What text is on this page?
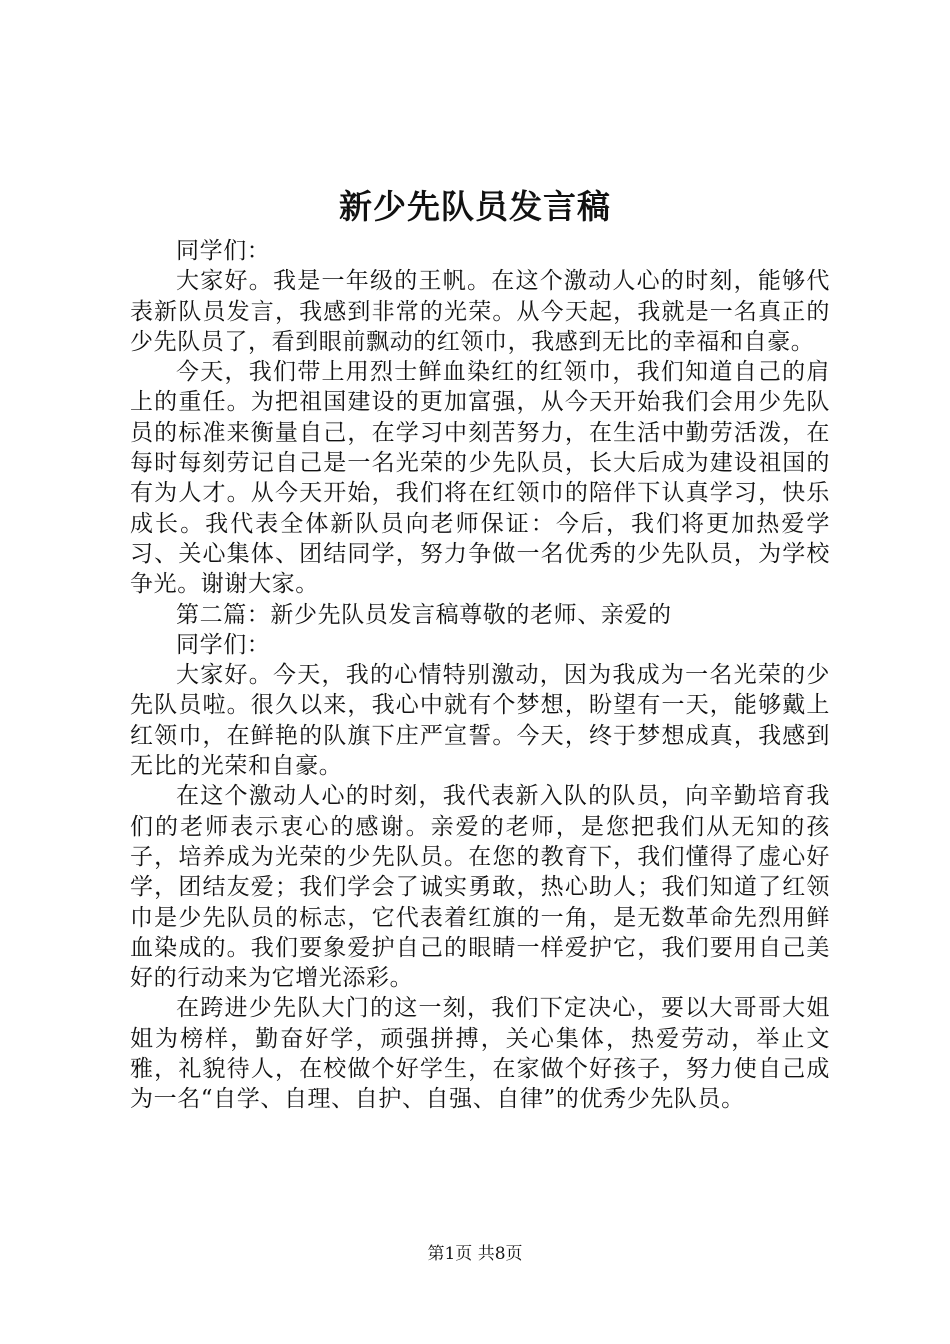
新少先队员发言稿

同学们：

大家好。我是一年级的王帆。在这个激动人心的时刻，能够代表新队员发言，我感到非常的光荣。从今天起，我就是一名真正的少先队员了，看到眼前飘动的红领巾，我感到无比的幸福和自豪。

今天，我们带上用烈士鲜血染红的红领巾，我们知道自己的肩上的重任。为把祖国建设的更加富强，从今天开始我们会用少先队员的标准来衡量自己，在学习中刻苦努力，在生活中勤劳活泼，在每时每刻劳记自己是一名光荣的少先队员，长大后成为建设祖国的有为人才。从今天开始，我们将在红领巾的陪伴下认真学习，快乐成长。我代表全体新队员向老师保证：今后，我们将更加热爱学习、关心集体、团结同学，努力争做一名优秀的少先队员，为学校争光。谢谢大家。

第二篇：新少先队员发言稿尊敬的老师、亲爱的

同学们：

大家好。今天，我的心情特别激动，因为我成为一名光荣的少先队员啦。很久以来，我心中就有个梦想，盼望有一天，能够戴上红领巾，在鲜艳的队旗下庄严宣誓。今天，终于梦想成真，我感到无比的光荣和自豪。

在这个激动人心的时刻，我代表新入队的队员，向辛勤培育我们的老师表示衷心的感谢。亲爱的老师，是您把我们从无知的孩子，培养成为光荣的少先队员。在您的教育下，我们懂得了虚心好学，团结友爱；我们学会了诚实勇敢，热心助人；我们知道了红领巾是少先队员的标志，它代表着红旗的一角，是无数革命先烈用鲜血染成的。我们要象爱护自己的眼睛一样爱护它，我们要用自己美好的行动来为它增光添彩。

在跨进少先队大门的这一刻，我们下定决心，要以大哥哥大姐姐为榜样，勤奋好学，顽强拼搏，关心集体，热爱劳动，举止文雅，礼貌待人，在校做个好学生，在家做个好孩子，努力使自己成为一名“自学、自理、自护、自强、自律”的优秀少先队员。

第1页 共8页
